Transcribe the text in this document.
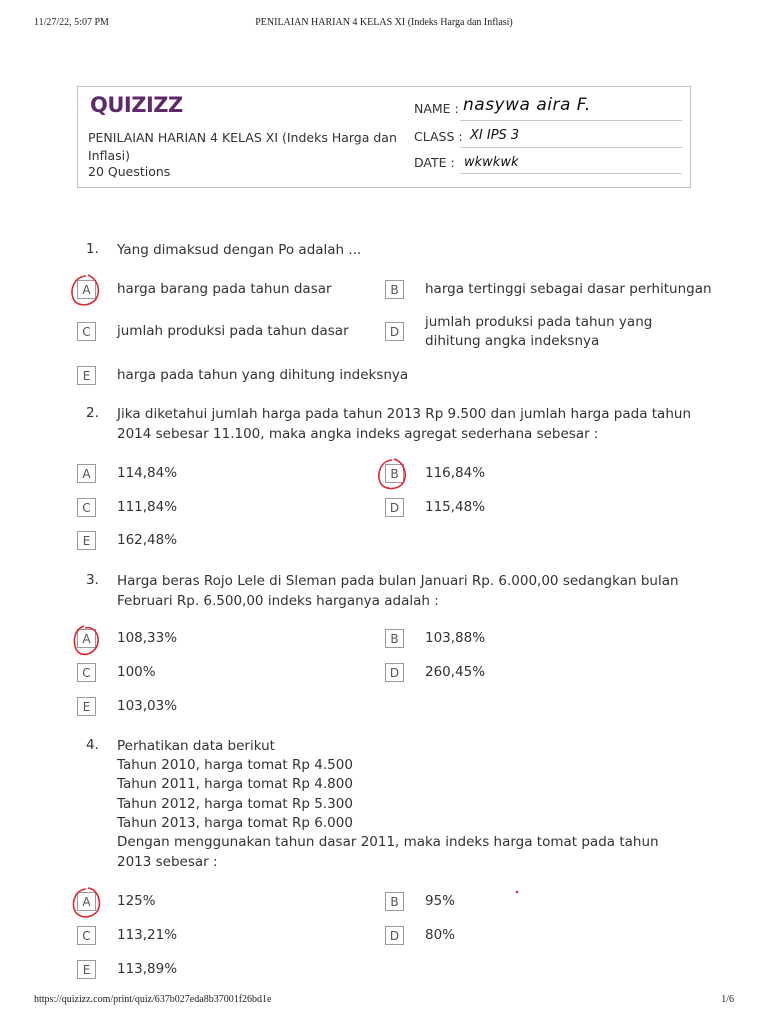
11/27/22, 5:07 PM	PENILAIAN HARIAN 4 KELAS XI (Indeks Harga dan Inflasi)
QUIZIZZ
PENILAIAN HARIAN 4 KELAS XI (Indeks Harga dan Inflasi)
20 Questions
NAME : nasywa aira F.
CLASS : XI IPS 3
DATE : wkwkwk
1. Yang dimaksud dengan Po adalah ...
A	harga barang pada tahun dasar	B	harga tertinggi sebagai dasar perhitungan
C	jumlah produksi pada tahun dasar	D
jumlah produksi pada tahun yang dihitung angka indeksnya
E	harga pada tahun yang dihitung indeksnya
2. Jika diketahui jumlah harga pada tahun 2013 Rp 9.500 dan jumlah harga pada tahun 2014 sebesar 11.100, maka angka indeks agregat sederhana sebesar :
A	114,84%	B	116,84%
C	111,84%	D	115,48%
E	162,48%
3. Harga beras Rojo Lele di Sleman pada bulan Januari Rp. 6.000,00 sedangkan bulan Februari Rp. 6.500,00 indeks harganya adalah :
A	108,33%	B	103,88%
C	100%	D	260,45%
E	103,03%
4. Perhatikan data berikut
Tahun 2010, harga tomat Rp 4.500
Tahun 2011, harga tomat Rp 4.800
Tahun 2012, harga tomat Rp 5.300
Tahun 2013, harga tomat Rp 6.000
Dengan menggunakan tahun dasar 2011, maka indeks harga tomat pada tahun 2013 sebesar :
A	125%	B	95%
C	113,21%	D	80%
E	113,89%
https://quizizz.com/print/quiz/637b027eda8b37001f26bd1e	1/6
